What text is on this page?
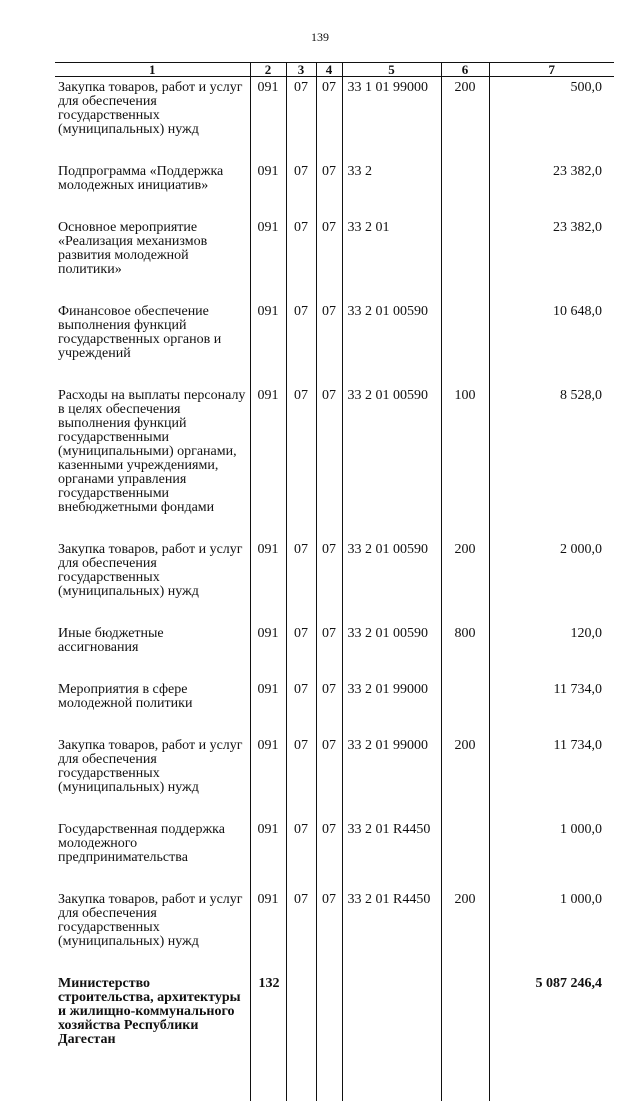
139
1	2	3	4	5	6	7
Закупка товаров, работ и услуг для обеспечения государственных (муниципальных) нужд	091	07	07	33 1 01 99000	200	500,0
Подпрограмма «Поддержка молодежных инициатив»	091	07	07	33 2		23 382,0
Основное мероприятие «Реализация механизмов развития молодежной политики»	091	07	07	33 2 01		23 382,0
Финансовое обеспечение выполнения функций государственных органов и учреждений	091	07	07	33 2 01 00590		10 648,0
Расходы на выплаты персоналу в целях обеспечения выполнения функций государственными (муниципальными) органами, казенными учреждениями, органами управления государственными внебюджетными фондами	091	07	07	33 2 01 00590	100	8 528,0
Закупка товаров, работ и услуг для обеспечения государственных (муниципальных) нужд	091	07	07	33 2 01 00590	200	2 000,0
Иные бюджетные ассигнования	091	07	07	33 2 01 00590	800	120,0
Мероприятия в сфере молодежной политики	091	07	07	33 2 01 99000		11 734,0
Закупка товаров, работ и услуг для обеспечения государственных (муниципальных) нужд	091	07	07	33 2 01 99000	200	11 734,0
Государственная поддержка молодежного предпринимательства	091	07	07	33 2 01 R4450		1 000,0
Закупка товаров, работ и услуг для обеспечения государственных (муниципальных) нужд	091	07	07	33 2 01 R4450	200	1 000,0
Министерство строительства, архитектуры и жилищно-коммунального хозяйства Республики Дагестан	132					5 087 246,4
